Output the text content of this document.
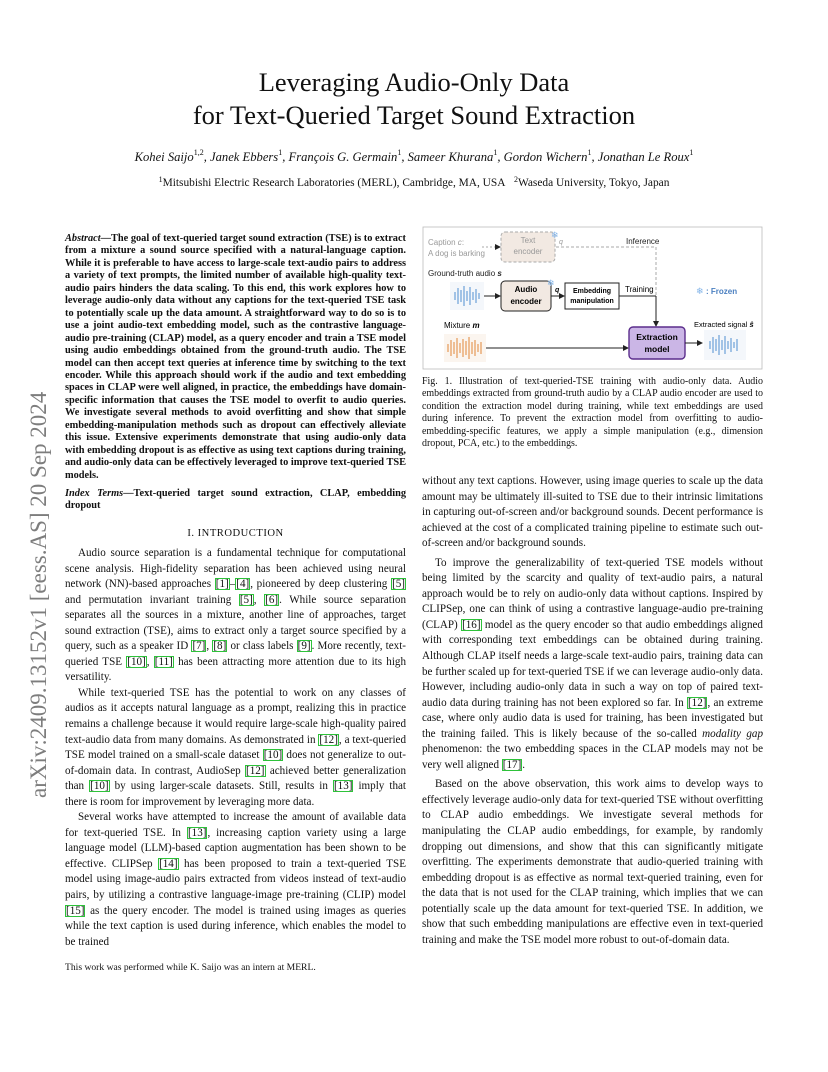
arXiv:2409.13152v1 [eess.AS] 20 Sep 2024
Leveraging Audio-Only Data
for Text-Queried Target Sound Extraction
Kohei Saijo$^{1,2}$, Janek Ebbers$^1$, François G. Germain$^1$, Sameer Khurana$^1$, Gordon Wichern$^1$, Jonathan Le Roux$^1$
$^1$Mitsubishi Electric Research Laboratories (MERL), Cambridge, MA, USA $^2$Waseda University, Tokyo, Japan
Abstract—The goal of text-queried target sound extraction (TSE) is to extract from a mixture a sound source specified with a natural-language caption. While it is preferable to have access to large-scale text-audio pairs to address a variety of text prompts, the limited number of available high-quality text-audio pairs hinders the data scaling. To this end, this work explores how to leverage audio-only data without any captions for the text-queried TSE task to potentially scale up the data amount. A straightforward way to do so is to use a joint audio-text embedding model, such as the contrastive language-audio pre-training (CLAP) model, as a query encoder and train a TSE model using audio embeddings obtained from the ground-truth audio. The TSE model can then accept text queries at inference time by switching to the text encoder. While this approach should work if the audio and text embedding spaces in CLAP were well aligned, in practice, the embeddings have domain-specific information that causes the TSE model to overfit to audio queries. We investigate several methods to avoid overfitting and show that simple embedding-manipulation methods such as dropout can effectively alleviate this issue. Extensive experiments demonstrate that using audio-only data with embedding dropout is as effective as using text captions during training, and audio-only data can be effectively leveraged to improve text-queried TSE models.
Index Terms—Text-queried target sound extraction, CLAP, embedding dropout
I. INTRODUCTION

Audio source separation is a fundamental technique for computational scene analysis. High-fidelity separation has been achieved using neural network (NN)-based approaches [1]–[4], pioneered by deep clustering [5] and permutation invariant training [5], [6]. While source separation separates all the sources in a mixture, another line of approaches, target sound extraction (TSE), aims to extract only a target source specified by a query, such as a speaker ID [7], [8] or class labels [9]. More recently, text-queried TSE [10], [11] has been attracting more attention due to its high versatility.

While text-queried TSE has the potential to work on any classes of audios as it accepts natural language as a prompt, realizing this in practice remains a challenge because it would require large-scale high-quality paired text-audio data from many domains. As demonstrated in [12], a text-queried TSE model trained on a small-scale dataset [10] does not generalize to out-of-domain data. In contrast, AudioSep [12] achieved better generalization than [10] by using larger-scale datasets. Still, results in [13] imply that there is room for improvement by leveraging more data.

Several works have attempted to increase the amount of available data for text-queried TSE. In [13], increasing caption variety using a large language model (LLM)-based caption augmentation has been shown to be effective. CLIPSep [14] has been proposed to train a text-queried TSE model using image-audio pairs extracted from videos instead of text-audio pairs, by utilizing a contrastive language-image pre-training (CLIP) model [15] as the query encoder. The model is trained using images as queries while the text caption is used during inference, which enables the model to be trained

This work was performed while K. Saijo was an intern at MERL.
Caption c:
A dog is barking
Text
encoder
❄
q	Inference
Ground-truth audio s
Audio
encoder
❄
q Embedding
manipulation
Training	❄ : Frozen
Mixture m
Extraction
model
Extracted signal ŝ
Fig. 1. Illustration of text-queried-TSE training with audio-only data. Audio embeddings extracted from ground-truth audio by a CLAP audio encoder are used to condition the extraction model during training, while text embeddings are used during inference. To prevent the extraction model from overfitting to audio-embedding-specific features, we apply a simple manipulation (e.g., dimension dropout, PCA, etc.) to the embeddings.

without any text captions. However, using image queries to scale up the data amount may be ultimately ill-suited to TSE due to their intrinsic limitations in capturing out-of-screen and/or background sounds. Decent performance is achieved at the cost of a complicated training pipeline to estimate such out-of-screen and/or background sounds.

To improve the generalizability of text-queried TSE models without being limited by the scarcity and quality of text-audio pairs, a natural approach would be to rely on audio-only data without captions. Inspired by CLIPSep, one can think of using a contrastive language-audio pre-training (CLAP) [16] model as the query encoder so that audio embeddings aligned with corresponding text embeddings can be obtained during training. Although CLAP itself needs a large-scale text-audio pairs, training data can be further scaled up for text-queried TSE if we can leverage audio-only data. However, including audio-only data in such a way on top of paired text-audio data during training has not been explored so far. In [12], an extreme case, where only audio data is used for training, has been investigated but the training failed. This is likely because of the so-called modality gap phenomenon: the two embedding spaces in the CLAP models may not be very well aligned [17].

Based on the above observation, this work aims to develop ways to effectively leverage audio-only data for text-queried TSE without overfitting to CLAP audio embeddings. We investigate several methods for manipulating the CLAP audio embeddings, for example, by randomly dropping out dimensions, and show that this can significantly mitigate overfitting. The experiments demonstrate that audio-queried training with embedding dropout is as effective as normal text-queried training, even for the data that is not used for the CLAP training, which implies that we can potentially scale up the data amount for text-queried TSE. In addition, we show that such embedding manipulations are effective even in text-queried training and make the TSE model more robust to out-of-domain data.
